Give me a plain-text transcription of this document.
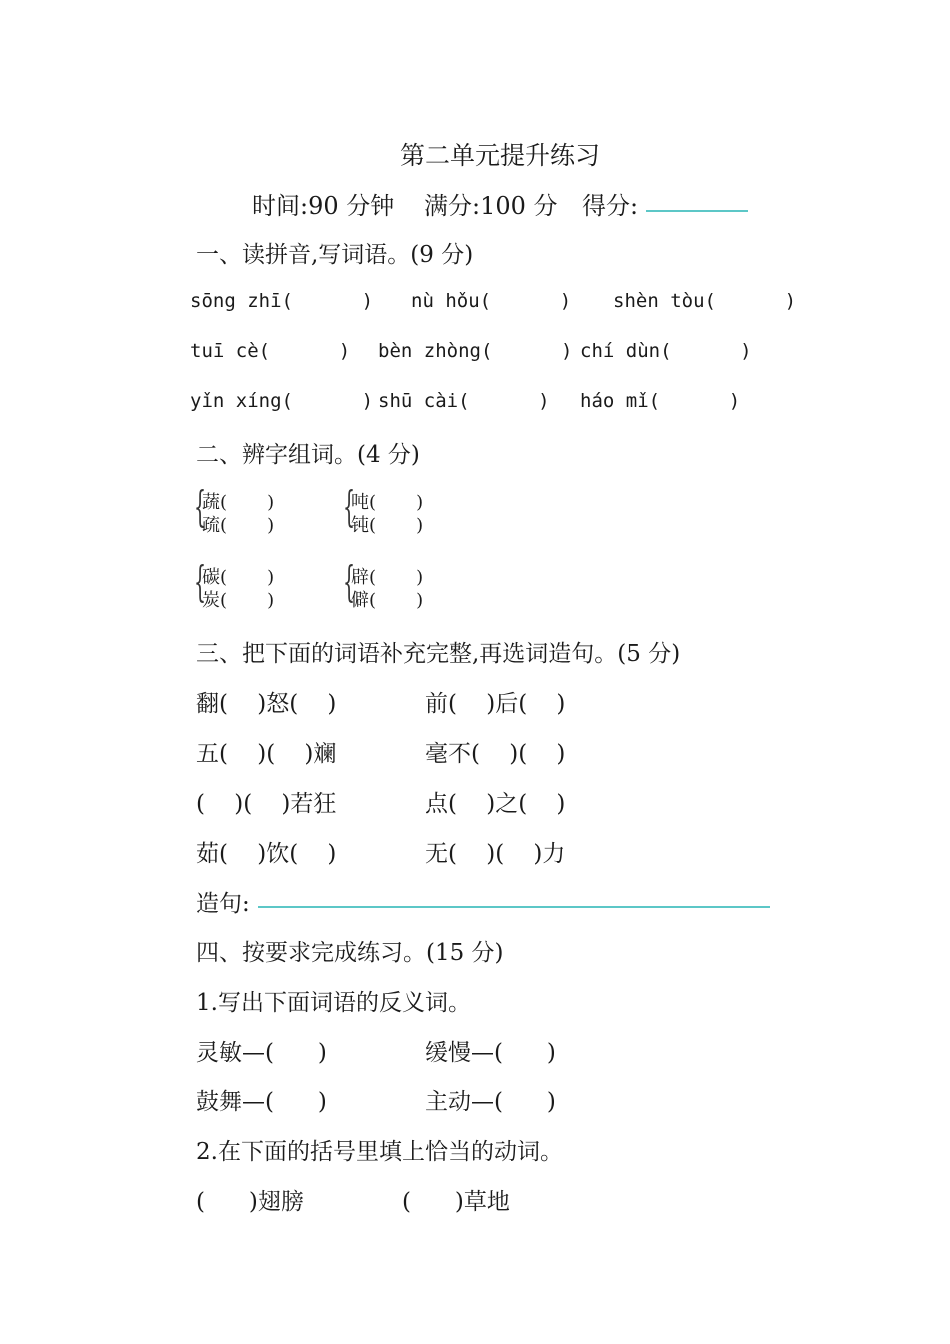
第二单元提升练习
时间:90 分钟 满分:100 分 得分:
一、读拼音,写词语。(9 分)
sōng zhī(      ) nù hǒu(      ) shèn tòu(      )
tuī cè(      ) bèn zhòng(      ) chí dùn(      )
yǐn xíng(      ) shū cài(      ) háo mǐ(      )
二、辨字组词。(4 分)
{
蔬(       )
疏(       ) {
吨(       )
钝(       )
{
碳(       )
炭(       ) {
辟(       )
僻(       )
三、把下面的词语补充完整,再选词造句。(5 分)
翻(    )怒(    )	前(    )后(    )
五(    )(    )斓	毫不(    )(    )
(    )(    )若狂	点(    )之(    )
茹(    )饮(    )	无(    )(    )力
造句:
四、按要求完成练习。(15 分)
1.写出下面词语的反义词。
灵敏—(      )	缓慢—(      )
鼓舞—(      )	主动—(      )
2.在下面的括号里填上恰当的动词。
(      )翅膀	(      )草地
